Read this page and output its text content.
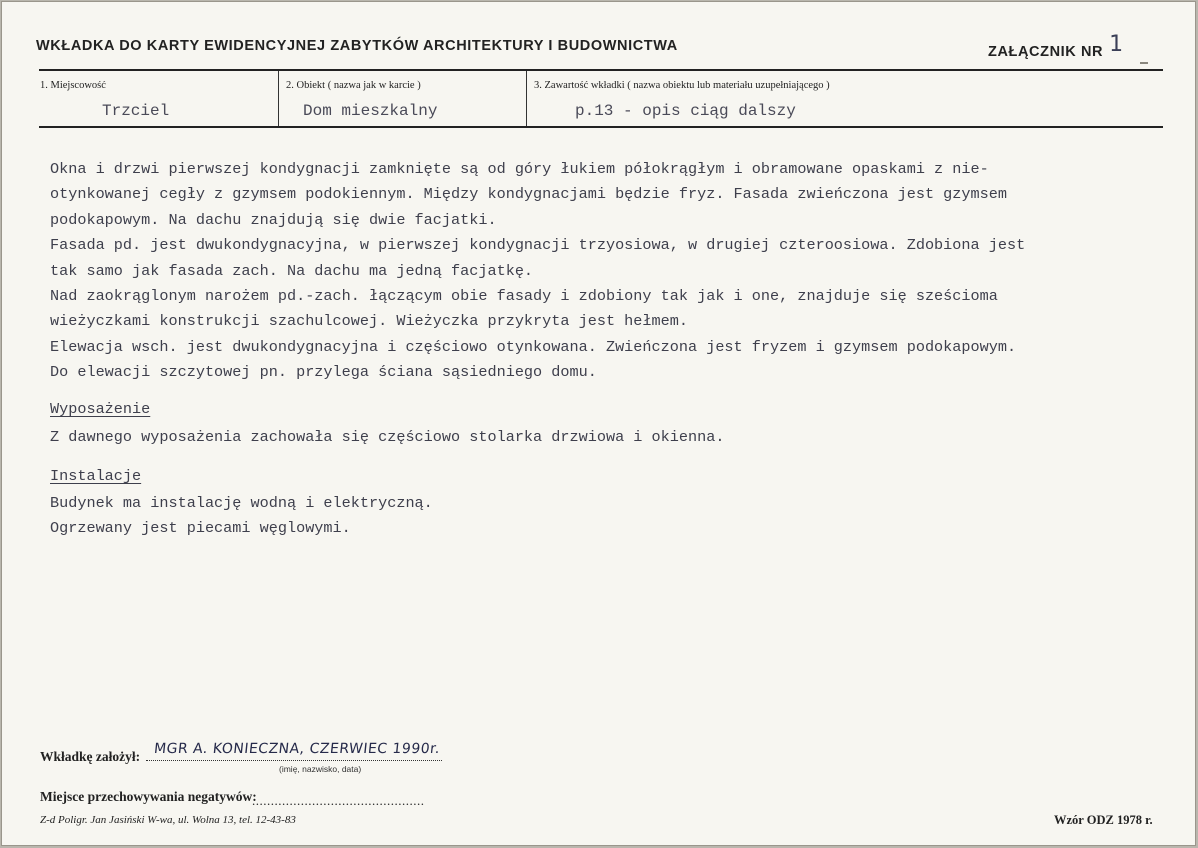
WKŁADKA DO KARTY EWIDENCYJNEJ ZABYTKÓW ARCHITEKTURY I BUDOWNICTWA	ZAŁĄCZNIK NR 1
1. Miejscowość
Trzciel
2. Obiekt ( nazwa jak w karcie )
Dom mieszkalny
3. Zawartość wkładki ( nazwa obiektu lub materiału uzupełniającego )
p.13 - opis ciąg dalszy

Okna i drzwi pierwszej kondygnacji zamknięte są od góry łukiem półokrągłym i obramowane opaskami z nie-

otynkowanej cegły z gzymsem podokiennym. Między kondygnacjami będzie fryz. Fasada zwieńczona jest gzymsem

podokapowym. Na dachu znajdują się dwie facjatki.

Fasada pd. jest dwukondygnacyjna, w pierwszej kondygnacji trzyosiowa, w drugiej czteroosiowa. Zdobiona jest

tak samo jak fasada zach. Na dachu ma jedną facjatkę.

Nad zaokrąglonym narożem pd.-zach. łączącym obie fasady i zdobiony tak jak i one, znajduje się sześcioma

wieżyczkami konstrukcji szachulcowej. Wieżyczka przykryta jest hełmem.

Elewacja wsch. jest dwukondygnacyjna i częściowo otynkowana. Zwieńczona jest fryzem i gzymsem podokapowym.

Do elewacji szczytowej pn. przylega ściana sąsiedniego domu.

Wyposażenie

Z dawnego wyposażenia zachowała się częściowo stolarka drzwiowa i okienna.

Instalacje

Budynek ma instalację wodną i elektryczną.

Ogrzewany jest piecami węglowymi.

Wkładkę założył: MGR A. KONIECZNA, CZERWIEC 1990r.
(imię, nazwisko, data)
Miejsce przechowywania negatywów:
..............................................
Z-d Poligr. Jan Jasiński W-wa, ul. Wolna 13, tel. 12-43-83	Wzór ODZ 1978 r.
